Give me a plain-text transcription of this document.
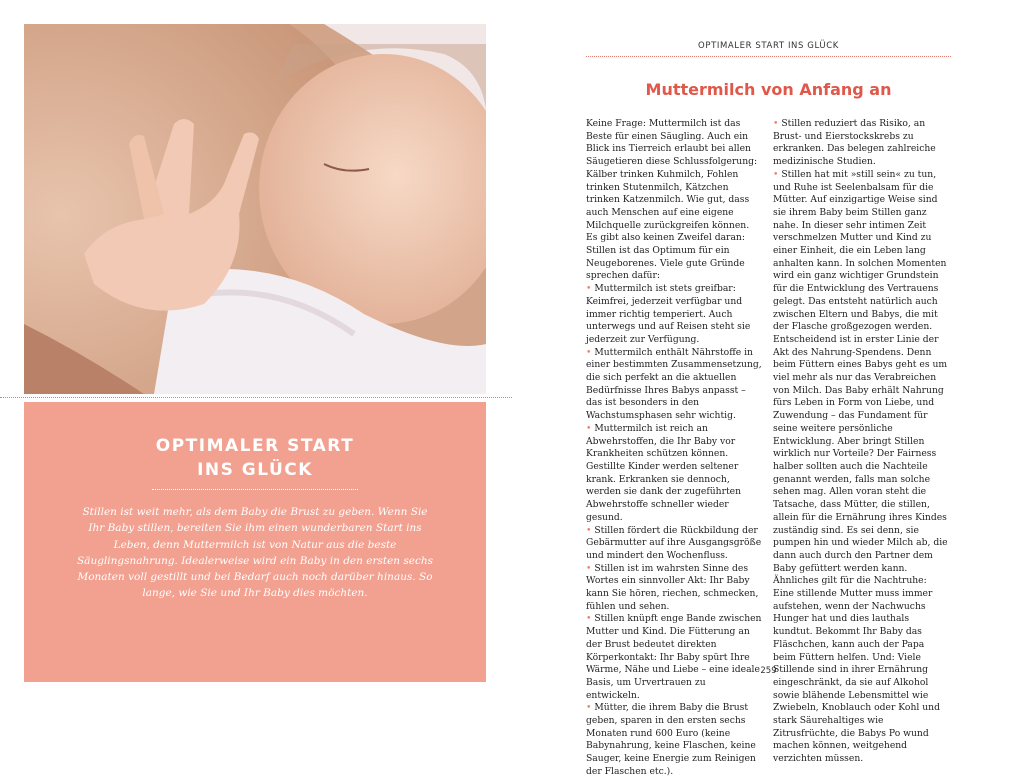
OPTIMALER START
INS GLÜCK
Stillen ist weit mehr, als dem Baby die Brust zu geben. Wenn Sie Ihr Baby stillen, bereiten Sie ihm einen wunderbaren Start ins Leben, denn Muttermilch ist von Natur aus die beste Säuglingsnahrung. Idealerweise wird ein Baby in den ersten sechs Monaten voll gestillt und bei Bedarf auch noch darüber hinaus. So lange, wie Sie und Ihr Baby dies möchten.
OPTIMALER START INS GLÜCK
Muttermilch von Anfang an

Keine Frage: Muttermilch ist das Beste für einen Säugling. Auch ein Blick ins Tierreich erlaubt bei allen Säugetieren diese Schlussfolgerung: Kälber trinken Kuhmilch, Fohlen trinken Stutenmilch, Kätzchen trinken Katzenmilch. Wie gut, dass auch Menschen auf eine eigene Milchquelle zurückgreifen können. Es gibt also keinen Zweifel daran: Stillen ist das Optimum für ein Neugeborenes. Viele gute Gründe sprechen dafür:

• Muttermilch ist stets greifbar: Keimfrei, jederzeit verfügbar und immer richtig temperiert. Auch unterwegs und auf Reisen steht sie jederzeit zur Verfügung.

• Muttermilch enthält Nährstoffe in einer bestimmten Zusammensetzung, die sich perfekt an die aktuellen Bedürfnisse Ihres Babys anpasst – das ist besonders in den Wachstumsphasen sehr wichtig.

• Muttermilch ist reich an Abwehrstoffen, die Ihr Baby vor Krankheiten schützen können. Gestillte Kinder werden seltener krank. Erkranken sie dennoch, werden sie dank der zugeführten Abwehrstoffe schneller wieder gesund.

• Stillen fördert die Rückbildung der Gebärmutter auf ihre Ausgangsgröße und mindert den Wochenfluss.

• Stillen ist im wahrsten Sinne des Wortes ein sinnvoller Akt: Ihr Baby kann Sie hören, riechen, schmecken, fühlen und sehen.

• Stillen knüpft enge Bande zwischen Mutter und Kind. Die Fütterung an der Brust bedeutet direkten Körperkontakt: Ihr Baby spürt Ihre Wärme, Nähe und Liebe – eine ideale Basis, um Urvertrauen zu entwickeln.

• Mütter, die ihrem Baby die Brust geben, sparen in den ersten sechs Monaten rund 600 Euro (keine Babynahrung, keine Flaschen, keine Sauger, keine Energie zum Reinigen der Flaschen etc.).

• Stillen reduziert das Risiko, an Brust- und Eierstockskrebs zu erkranken. Das belegen zahlreiche medizinische Studien.

• Stillen hat mit »still sein« zu tun, und Ruhe ist Seelenbalsam für die Mütter. Auf einzigartige Weise sind sie ihrem Baby beim Stillen ganz nahe. In dieser sehr intimen Zeit verschmelzen Mutter und Kind zu einer Einheit, die ein Leben lang anhalten kann. In solchen Momenten wird ein ganz wichtiger Grundstein für die Entwicklung des Vertrauens gelegt. Das entsteht natürlich auch zwischen Eltern und Babys, die mit der Flasche großgezogen werden. Entscheidend ist in erster Linie der Akt des Nahrung-Spendens. Denn beim Füttern eines Babys geht es um viel mehr als nur das Verabreichen von Milch. Das Baby erhält Nahrung fürs Leben in Form von Liebe, und Zuwendung – das Fundament für seine weitere persönliche Entwicklung. Aber bringt Stillen wirklich nur Vorteile? Der Fairness halber sollten auch die Nachteile genannt werden, falls man solche sehen mag. Allen voran steht die Tatsache, dass Mütter, die stillen, allein für die Ernährung ihres Kindes zuständig sind. Es sei denn, sie pumpen hin und wieder Milch ab, die dann auch durch den Partner dem Baby gefüttert werden kann. Ähnliches gilt für die Nachtruhe: Eine stillende Mutter muss immer aufstehen, wenn der Nachwuchs Hunger hat und dies lauthals kundtut. Bekommt Ihr Baby das Fläschchen, kann auch der Papa beim Füttern helfen. Und: Viele Stillende sind in ihrer Ernährung eingeschränkt, da sie auf Alkohol sowie blähende Lebensmittel wie Zwiebeln, Knoblauch oder Kohl und stark Säurehaltiges wie Zitrusfrüchte, die Babys Po wund machen können, weitgehend verzichten müssen.

259
